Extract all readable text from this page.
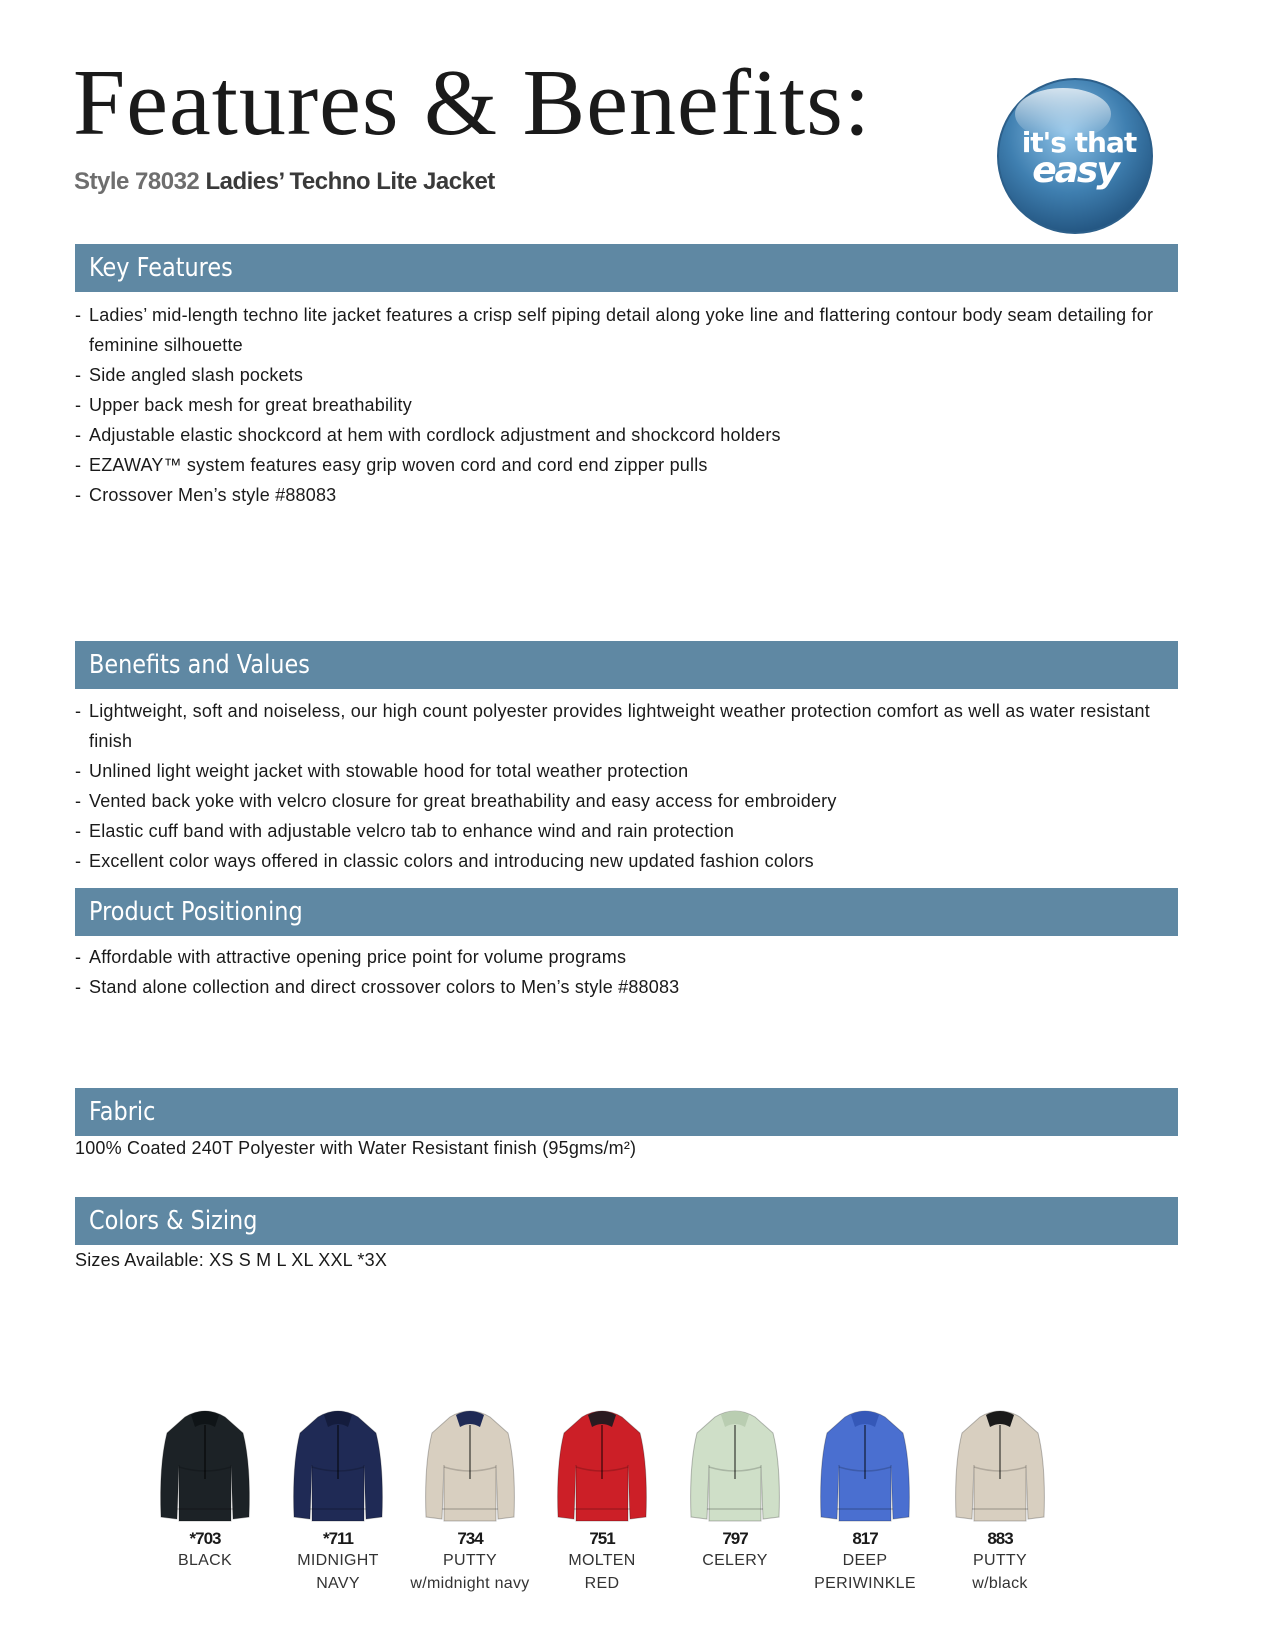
Features & Benefits:
Style 78032 Ladies’ Techno Lite Jacket
it's that
easy
Key Features
-Ladies’ mid-length techno lite jacket features a crisp self piping detail along yoke line and flattering contour body seam detailing for feminine silhouette
-Side angled slash pockets
-Upper back mesh for great breathability
-Adjustable elastic shockcord at hem with cordlock adjustment and shockcord holders
-EZAWAY™ system features easy grip woven cord and cord end zipper pulls
-Crossover Men’s style #88083
Benefits and Values
-Lightweight, soft and noiseless, our high count polyester provides lightweight weather protection comfort as well as water resistant finish
-Unlined light weight jacket with stowable hood for total weather protection
-Vented back yoke with velcro closure for great breathability and easy access for embroidery
-Elastic cuff band with adjustable velcro tab to enhance wind and rain protection
-Excellent color ways offered in classic colors and introducing new updated fashion colors
Product Positioning
-Affordable with attractive opening price point for volume programs
-Stand alone collection and direct crossover colors to Men’s style #88083
Fabric
100% Coated 240T Polyester with Water Resistant finish (95gms/m²)
Colors & Sizing
Sizes Available: XS S M L XL XXL *3X
*703
BLACK
*711
MIDNIGHT
NAVY
734
PUTTY
w/midnight navy
751
MOLTEN
RED
797
CELERY
817
DEEP
PERIWINKLE
883
PUTTY
w/black
